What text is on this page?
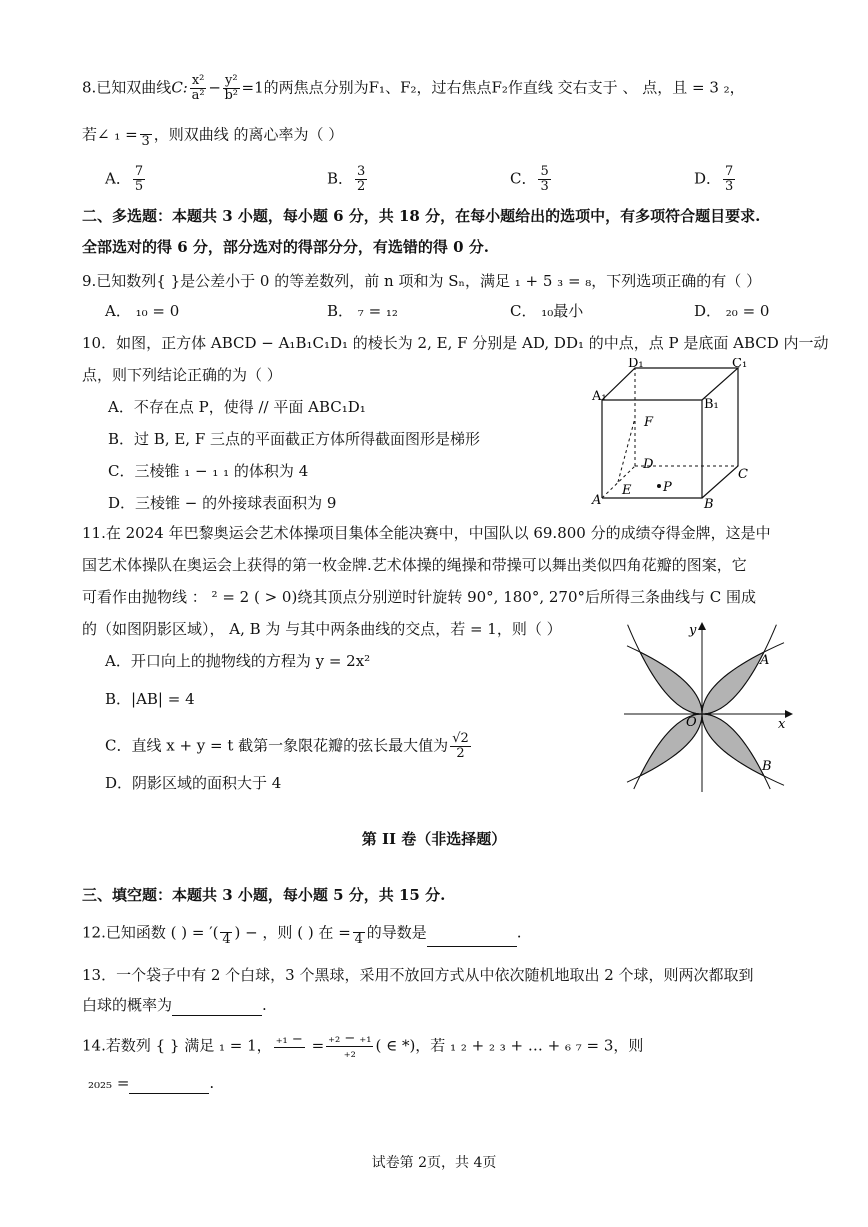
8.已知双曲线C: $\frac{\text{x²}}{\text{a²}} - \frac{\text{y²}}{\text{b²}} =1$的两焦点分别为F₁、F₂，过右焦点F₂作直线 交右支于 、 点，且 = 3 ₂，
若∠ ₁ = 3 ，则双曲线 的离心率为（ ）
A． $\frac{7}{5}$	B． $\frac{3}{2}$	C． $\frac{5}{3}$	D． $\frac{7}{3}$
二、多选题：本题共 3 小题，每小题 6 分，共 18 分，在每小题给出的选项中，有多项符合题目要求.
全部选对的得 6 分，部分选对的得部分分，有选错的得 0 分.
9.已知数列{ }是公差小于 0 的等差数列，前 n 项和为 Sₙ，满足 ₁ + 5 ₃ = ₈，下列选项正确的有（ ）
A． ₁₀ = 0	B． ₇ = ₁₂	C． ₁₀最小	D． ₂₀ = 0
10．如图，正方体 ABCD − A₁B₁C₁D₁ 的棱长为 2, E, F 分别是 AD, DD₁ 的中点，点 P 是底面 ABCD 内一动
点，则下列结论正确的为（ ）
A．不存在点 P，使得 // 平面 ABC₁D₁
B．过 B, E, F 三点的平面截正方体所得截面图形是梯形
C．三棱锥 ₁ − ₁ ₁ 的体积为 4
D．三棱锥 − 的外接球表面积为 9
D₁	C₁
A₁
B₁
F
D
C
A
E P
B
11.在 2024 年巴黎奥运会艺术体操项目集体全能决赛中，中国队以 69.800 分的成绩夺得金牌，这是中
国艺术体操队在奥运会上获得的第一枚金牌.艺术体操的绳操和带操可以舞出类似四角花瓣的图案，它
可看作由抛物线 ： ² = 2 ( > 0)绕其顶点分别逆时针旋转 90°, 180°, 270°后所得三条曲线与 C 围成
的（如图阴影区域）， A, B 为 与其中两条曲线的交点，若 = 1，则（ ）
A．开口向上的抛物线的方程为 y = 2x²
B．|AB| = 4
C．直线 x + y = t 截第一象限花瓣的弦长最大值为 $\frac{√2}{2}$
D．阴影区域的面积大于 4
y
x
O
A
B
第 II 卷（非选择题）
三、填空题：本题共 3 小题，每小题 5 分，共 15 分.
12.已知函数 ( ) = ′( 4 ) − ，则 ( ) 在 = 4 的导数是	.
13．一个袋子中有 2 个白球，3 个黑球，采用不放回方式从中依次随机地取出 2 个球，则两次都取到
白球的概率为	.
14.若数列 { } 满足 ₁ = 1， ₊₁ − = $\frac{\text{₊₂ − ₊₁}}{\text{₊₂}}$ ( ∈ *)，若 ₁ ₂ + ₂ ₃ + … + ₆ ₇ = 3，则
₂₀₂₅ =	.
试卷第 2页，共 4页
